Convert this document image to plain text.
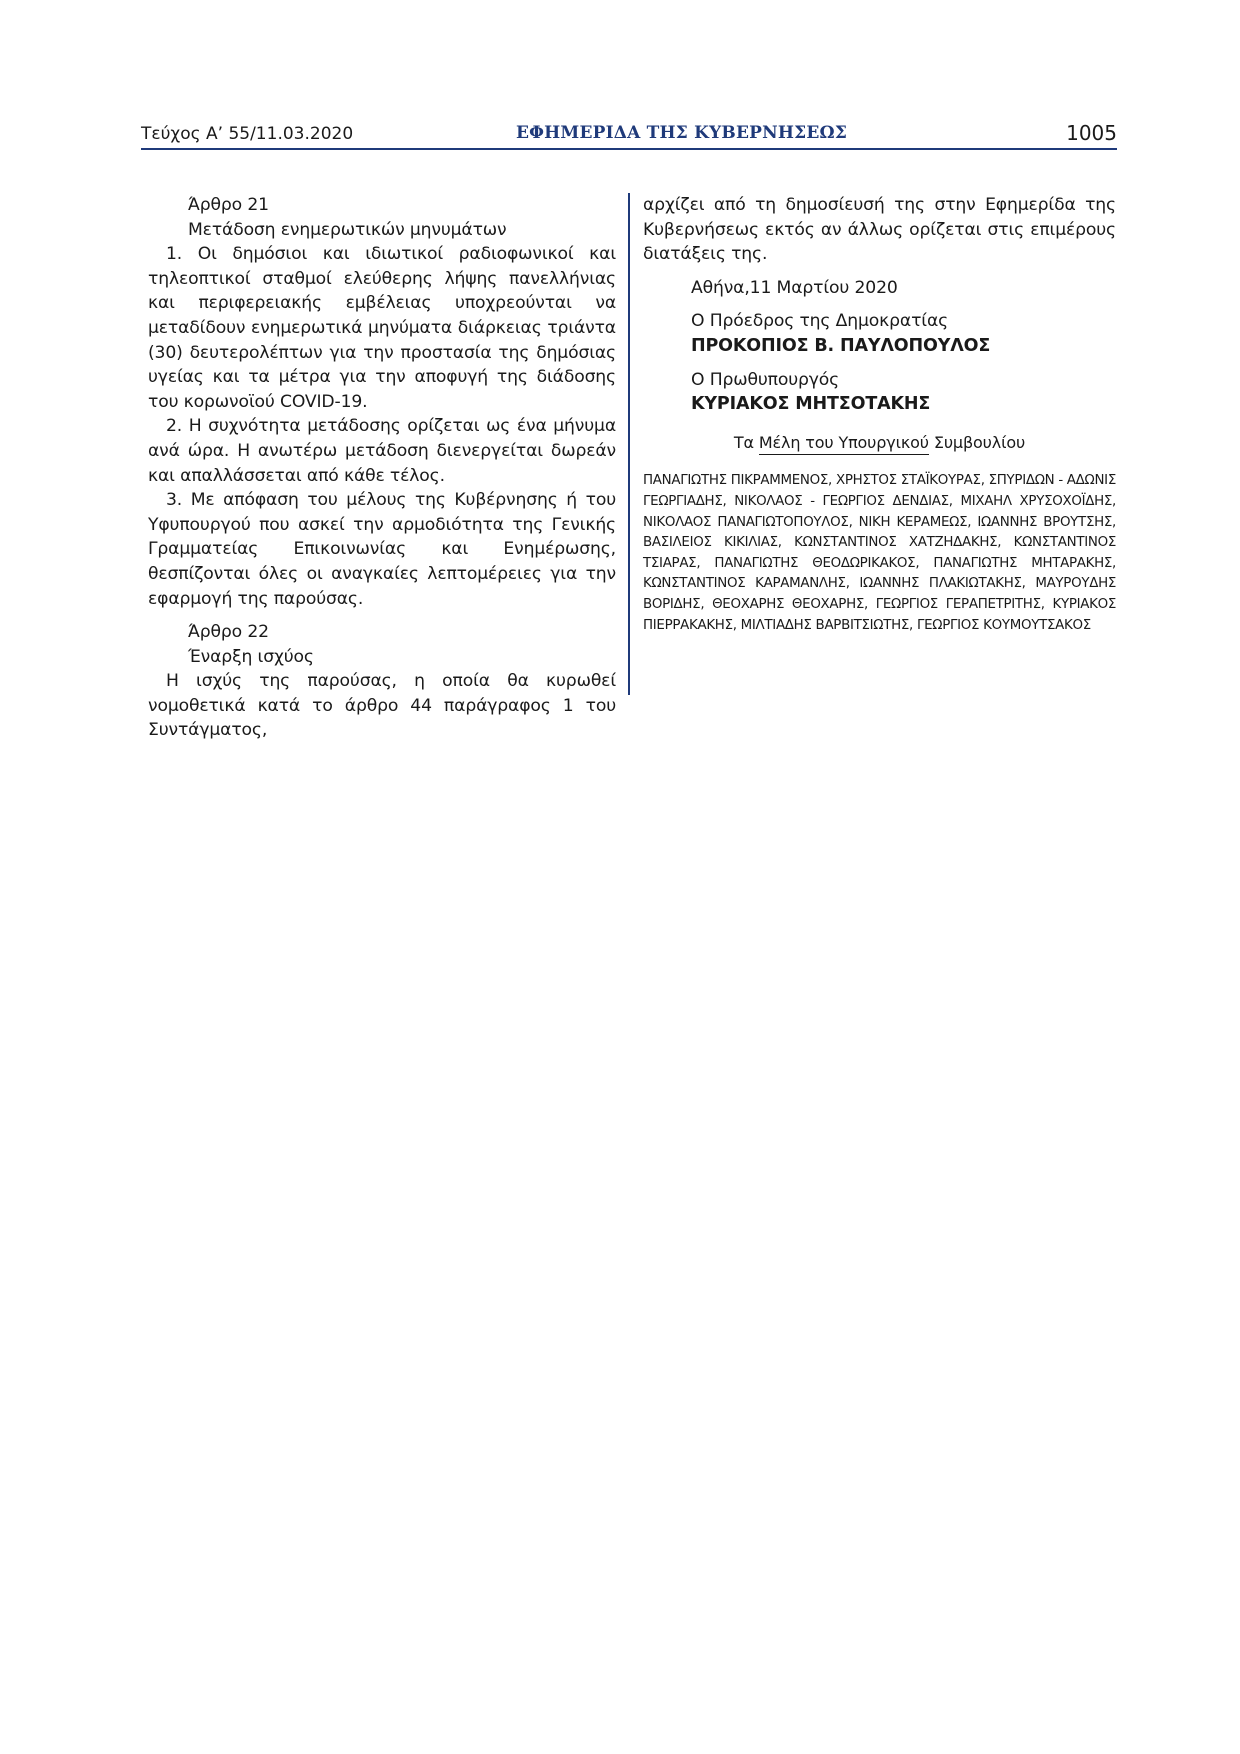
Τεύχος Α’ 55/11.03.2020	ΕΦΗΜΕΡΙΔΑ ΤΗΣ ΚΥΒΕΡΝΗΣΕΩΣ	1005

Άρθρο 21

Μετάδοση ενημερωτικών μηνυμάτων

1. Οι δημόσιοι και ιδιωτικοί ραδιοφωνικοί και τηλεοπτικοί σταθμοί ελεύθερης λήψης πανελλήνιας και περιφερειακής εμβέλειας υποχρεούνται να μεταδίδουν ενημερωτικά μηνύματα διάρκειας τριάντα (30) δευτερολέπτων για την προστασία της δημόσιας υγείας και τα μέτρα για την αποφυγή της διάδοσης του κορωνοϊού COVID-19.

2. Η συχνότητα μετάδοσης ορίζεται ως ένα μήνυμα ανά ώρα. Η ανωτέρω μετάδοση διενεργείται δωρεάν και απαλλάσσεται από κάθε τέλος.

3. Με απόφαση του μέλους της Κυβέρνησης ή του Υφυπουργού που ασκεί την αρμοδιότητα της Γενικής Γραμματείας Επικοινωνίας και Ενημέρωσης, θεσπίζονται όλες οι αναγκαίες λεπτομέρειες για την εφαρμογή της παρούσας.

Άρθρο 22

Έναρξη ισχύος

Η ισχύς της παρούσας, η οποία θα κυρωθεί νομοθετικά κατά το άρθρο 44 παράγραφος 1 του Συντάγματος,

αρχίζει από τη δημοσίευσή της στην Εφημερίδα της Κυβερνήσεως εκτός αν άλλως ορίζεται στις επιμέρους διατάξεις της.

Αθήνα,11 Μαρτίου 2020

Ο Πρόεδρος της Δημοκρατίας

ΠΡΟΚΟΠΙΟΣ Β. ΠΑΥΛΟΠΟΥΛΟΣ

Ο Πρωθυπουργός

ΚΥΡΙΑΚΟΣ ΜΗΤΣΟΤΑΚΗΣ

Τα Μέλη του Υπουργικού Συμβουλίου

ΠΑΝΑΓΙΩΤΗΣ ΠΙΚΡΑΜΜΕΝΟΣ, ΧΡΗΣΤΟΣ ΣΤΑΪΚΟΥΡΑΣ, ΣΠΥΡΙΔΩΝ - ΑΔΩΝΙΣ ΓΕΩΡΓΙΑΔΗΣ, ΝΙΚΟΛΑΟΣ - ΓΕΩΡΓΙΟΣ ΔΕΝΔΙΑΣ, ΜΙΧΑΗΛ ΧΡΥΣΟΧΟΪΔΗΣ, ΝΙΚΟΛΑΟΣ ΠΑΝΑΓΙΩΤΟΠΟΥΛΟΣ, ΝΙΚΗ ΚΕΡΑΜΕΩΣ, ΙΩΑΝΝΗΣ ΒΡΟΥΤΣΗΣ, ΒΑΣΙΛΕΙΟΣ ΚΙΚΙΛΙΑΣ, ΚΩΝΣΤΑΝΤΙΝΟΣ ΧΑΤΖΗΔΑΚΗΣ, ΚΩΝΣΤΑΝΤΙΝΟΣ ΤΣΙΑΡΑΣ, ΠΑΝΑΓΙΩΤΗΣ ΘΕΟΔΩΡΙΚΑΚΟΣ, ΠΑΝΑΓΙΩΤΗΣ ΜΗΤΑΡΑΚΗΣ, ΚΩΝΣΤΑΝΤΙΝΟΣ ΚΑΡΑΜΑΝΛΗΣ, ΙΩΑΝΝΗΣ ΠΛΑΚΙΩΤΑΚΗΣ, ΜΑΥΡΟΥΔΗΣ ΒΟΡΙΔΗΣ, ΘΕΟΧΑΡΗΣ ΘΕΟΧΑΡΗΣ, ΓΕΩΡΓΙΟΣ ΓΕΡΑΠΕΤΡΙΤΗΣ, ΚΥΡΙΑΚΟΣ ΠΙΕΡΡΑΚΑΚΗΣ, ΜΙΛΤΙΑΔΗΣ ΒΑΡΒΙΤΣΙΩΤΗΣ, ΓΕΩΡΓΙΟΣ ΚΟΥΜΟΥΤΣΑΚΟΣ
